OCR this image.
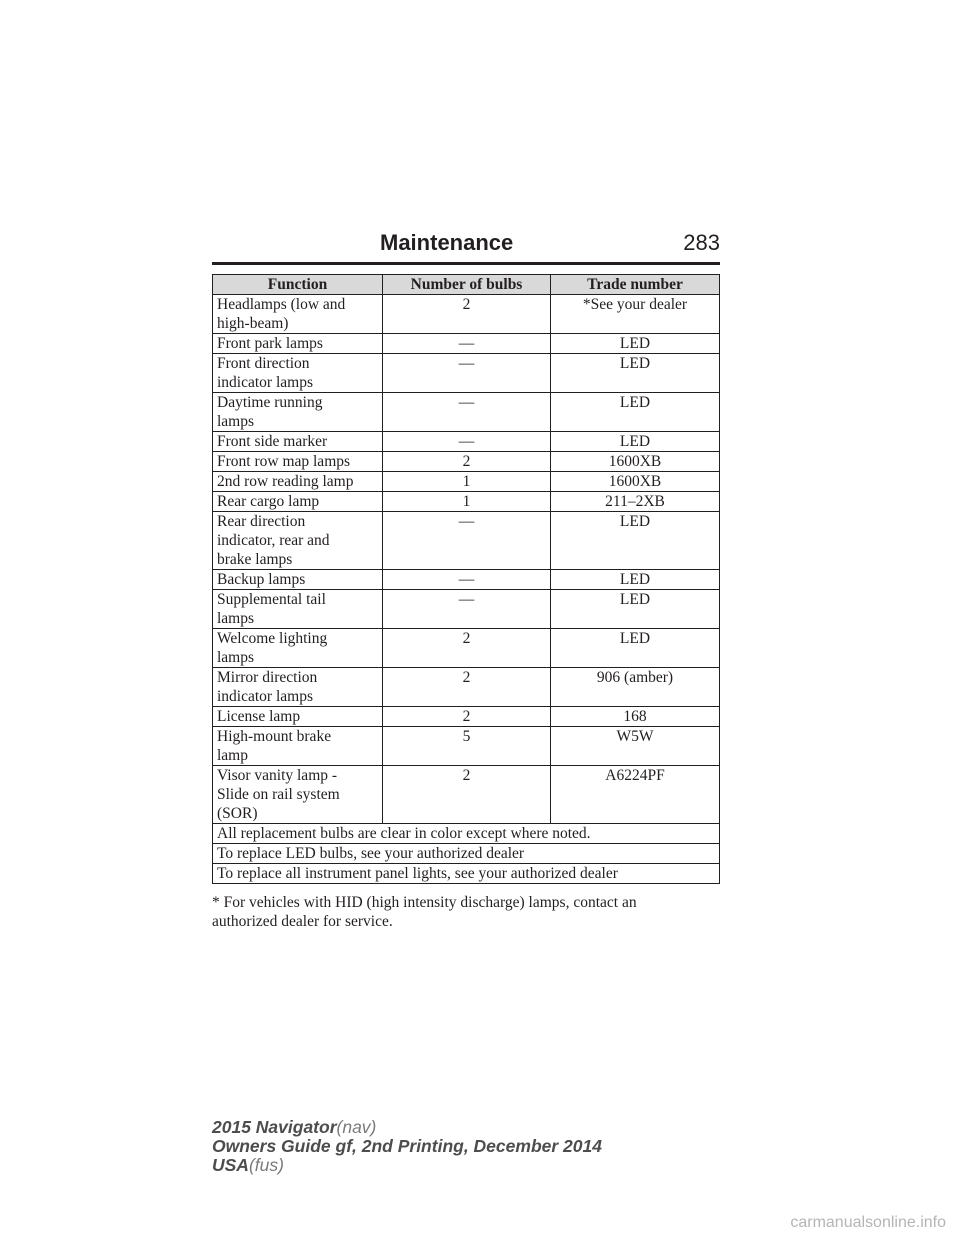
Maintenance	283
Function	Number of bulbs	Trade number

Headlamps (low and
high-beam)	2	*See your dealer

Front park lamps	—	LED

Front direction
indicator lamps	—	LED

Daytime running
lamps	—	LED

Front side marker	—	LED

Front row map lamps	2	1600XB

2nd row reading lamp	1	1600XB

Rear cargo lamp	1	211–2XB

Rear direction
indicator, rear and
brake lamps	—	LED

Backup lamps	—	LED

Supplemental tail
lamps	—	LED

Welcome lighting
lamps	2	LED

Mirror direction
indicator lamps	2	906 (amber)

License lamp	2	168

High-mount brake
lamp	5	W5W

Visor vanity lamp -
Slide on rail system
(SOR)	2	A6224PF
All replacement bulbs are clear in color except where noted.		
To replace LED bulbs, see your authorized dealer		
To replace all instrument panel lights, see your authorized dealer		
* For vehicles with HID (high intensity discharge) lamps, contact an
authorized dealer for service.
2015 Navigator(nav)
Owners Guide gf, 2nd Printing, December 2014
USA(fus)
carmanualsonline.info
